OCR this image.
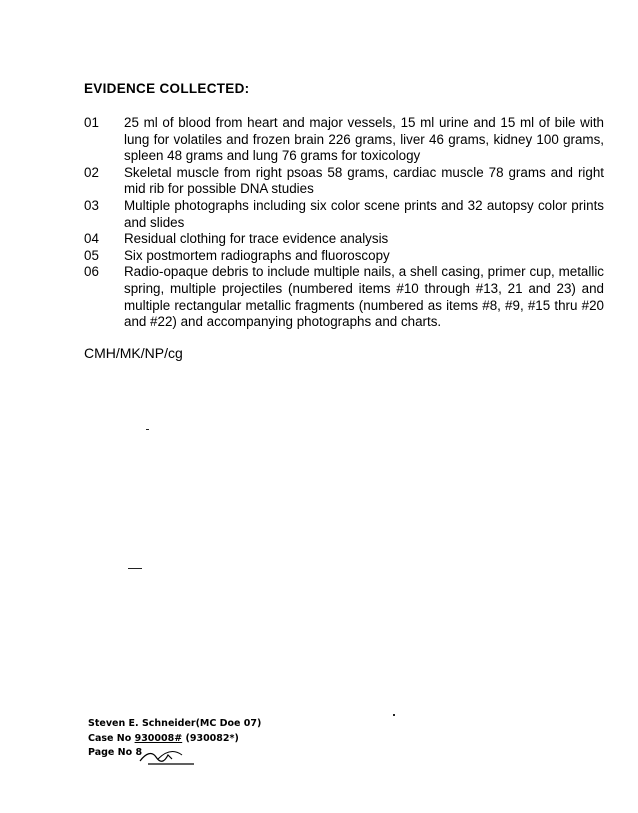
EVIDENCE COLLECTED:
01	25 ml of blood from heart and major vessels, 15 ml urine and 15 ml of bile with lung for volatiles and frozen brain 226 grams, liver 46 grams, kidney 100 grams, spleen 48 grams and lung 76 grams for toxicology
02	Skeletal muscle from right psoas 58 grams, cardiac muscle 78 grams and right mid rib for possible DNA studies
03	Multiple photographs including six color scene prints and 32 autopsy color prints and slides
04	Residual clothing for trace evidence analysis
05	Six postmortem radiographs and fluoroscopy
06	Radio-opaque debris to include multiple nails, a shell casing, primer cup, metallic spring, multiple projectiles (numbered items #10 through #13, 21 and 23) and multiple rectangular metallic fragments (numbered as items #8, #9, #15 thru #20 and #22) and accompanying photographs and charts.
CMH/MK/NP/cg
Steven E. Schneider(MC Doe 07)
Case No 930008# (930082*)
Page No 8
